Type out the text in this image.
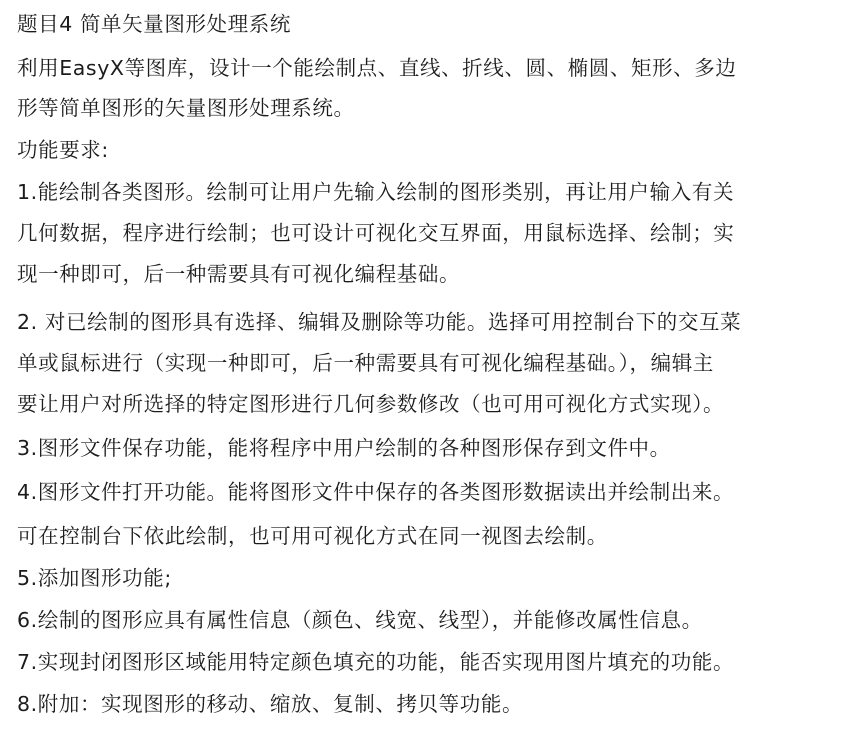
题目4 简单矢量图形处理系统
利用EasyX等图库，设计一个能绘制点、直线、折线、圆、椭圆、矩形、多边
形等简单图形的矢量图形处理系统。
功能要求:
1.能绘制各类图形。绘制可让用户先输入绘制的图形类别，再让用户输入有关
几何数据，程序进行绘制；也可设计可视化交互界面，用鼠标选择、绘制；实
现一种即可，后一种需要具有可视化编程基础。
2. 对已绘制的图形具有选择、编辑及删除等功能。选择可用控制台下的交互菜
单或鼠标进行（实现一种即可，后一种需要具有可视化编程基础。），编辑主
要让用户对所选择的特定图形进行几何参数修改（也可用可视化方式实现）。
3.图形文件保存功能，能将程序中用户绘制的各种图形保存到文件中。
4.图形文件打开功能。能将图形文件中保存的各类图形数据读出并绘制出来。
可在控制台下依此绘制，也可用可视化方式在同一视图去绘制。
5.添加图形功能;
6.绘制的图形应具有属性信息（颜色、线宽、线型），并能修改属性信息。
7.实现封闭图形区域能用特定颜色填充的功能，能否实现用图片填充的功能。
8.附加：实现图形的移动、缩放、复制、拷贝等功能。
